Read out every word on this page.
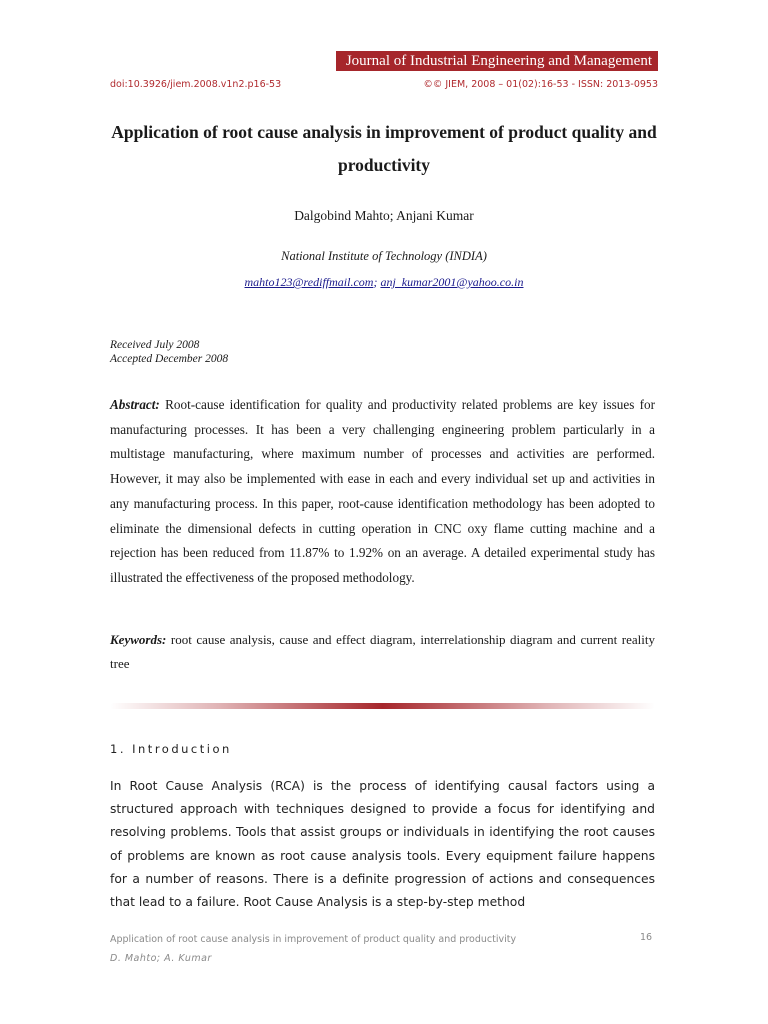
Journal of Industrial Engineering and Management
doi:10.3926/jiem.2008.v1n2.p16-53	©© JIEM, 2008 – 01(02):16-53 - ISSN: 2013-0953
Application of root cause analysis in improvement of product quality and productivity
Dalgobind Mahto; Anjani Kumar
National Institute of Technology (INDIA)
mahto123@rediffmail.com; anj_kumar2001@yahoo.co.in
Received July 2008
Accepted December 2008
Abstract: Root-cause identification for quality and productivity related problems are key issues for manufacturing processes. It has been a very challenging engineering problem particularly in a multistage manufacturing, where maximum number of processes and activities are performed. However, it may also be implemented with ease in each and every individual set up and activities in any manufacturing process. In this paper, root-cause identification methodology has been adopted to eliminate the dimensional defects in cutting operation in CNC oxy flame cutting machine and a rejection has been reduced from 11.87% to 1.92% on an average. A detailed experimental study has illustrated the effectiveness of the proposed methodology.
Keywords: root cause analysis, cause and effect diagram, interrelationship diagram and current reality tree
1. Introduction
In Root Cause Analysis (RCA) is the process of identifying causal factors using a structured approach with techniques designed to provide a focus for identifying and resolving problems. Tools that assist groups or individuals in identifying the root causes of problems are known as root cause analysis tools. Every equipment failure happens for a number of reasons. There is a definite progression of actions and consequences that lead to a failure. Root Cause Analysis is a step-by-step method
Application of root cause analysis in improvement of product quality and productivity	16
D. Mahto; A. Kumar
